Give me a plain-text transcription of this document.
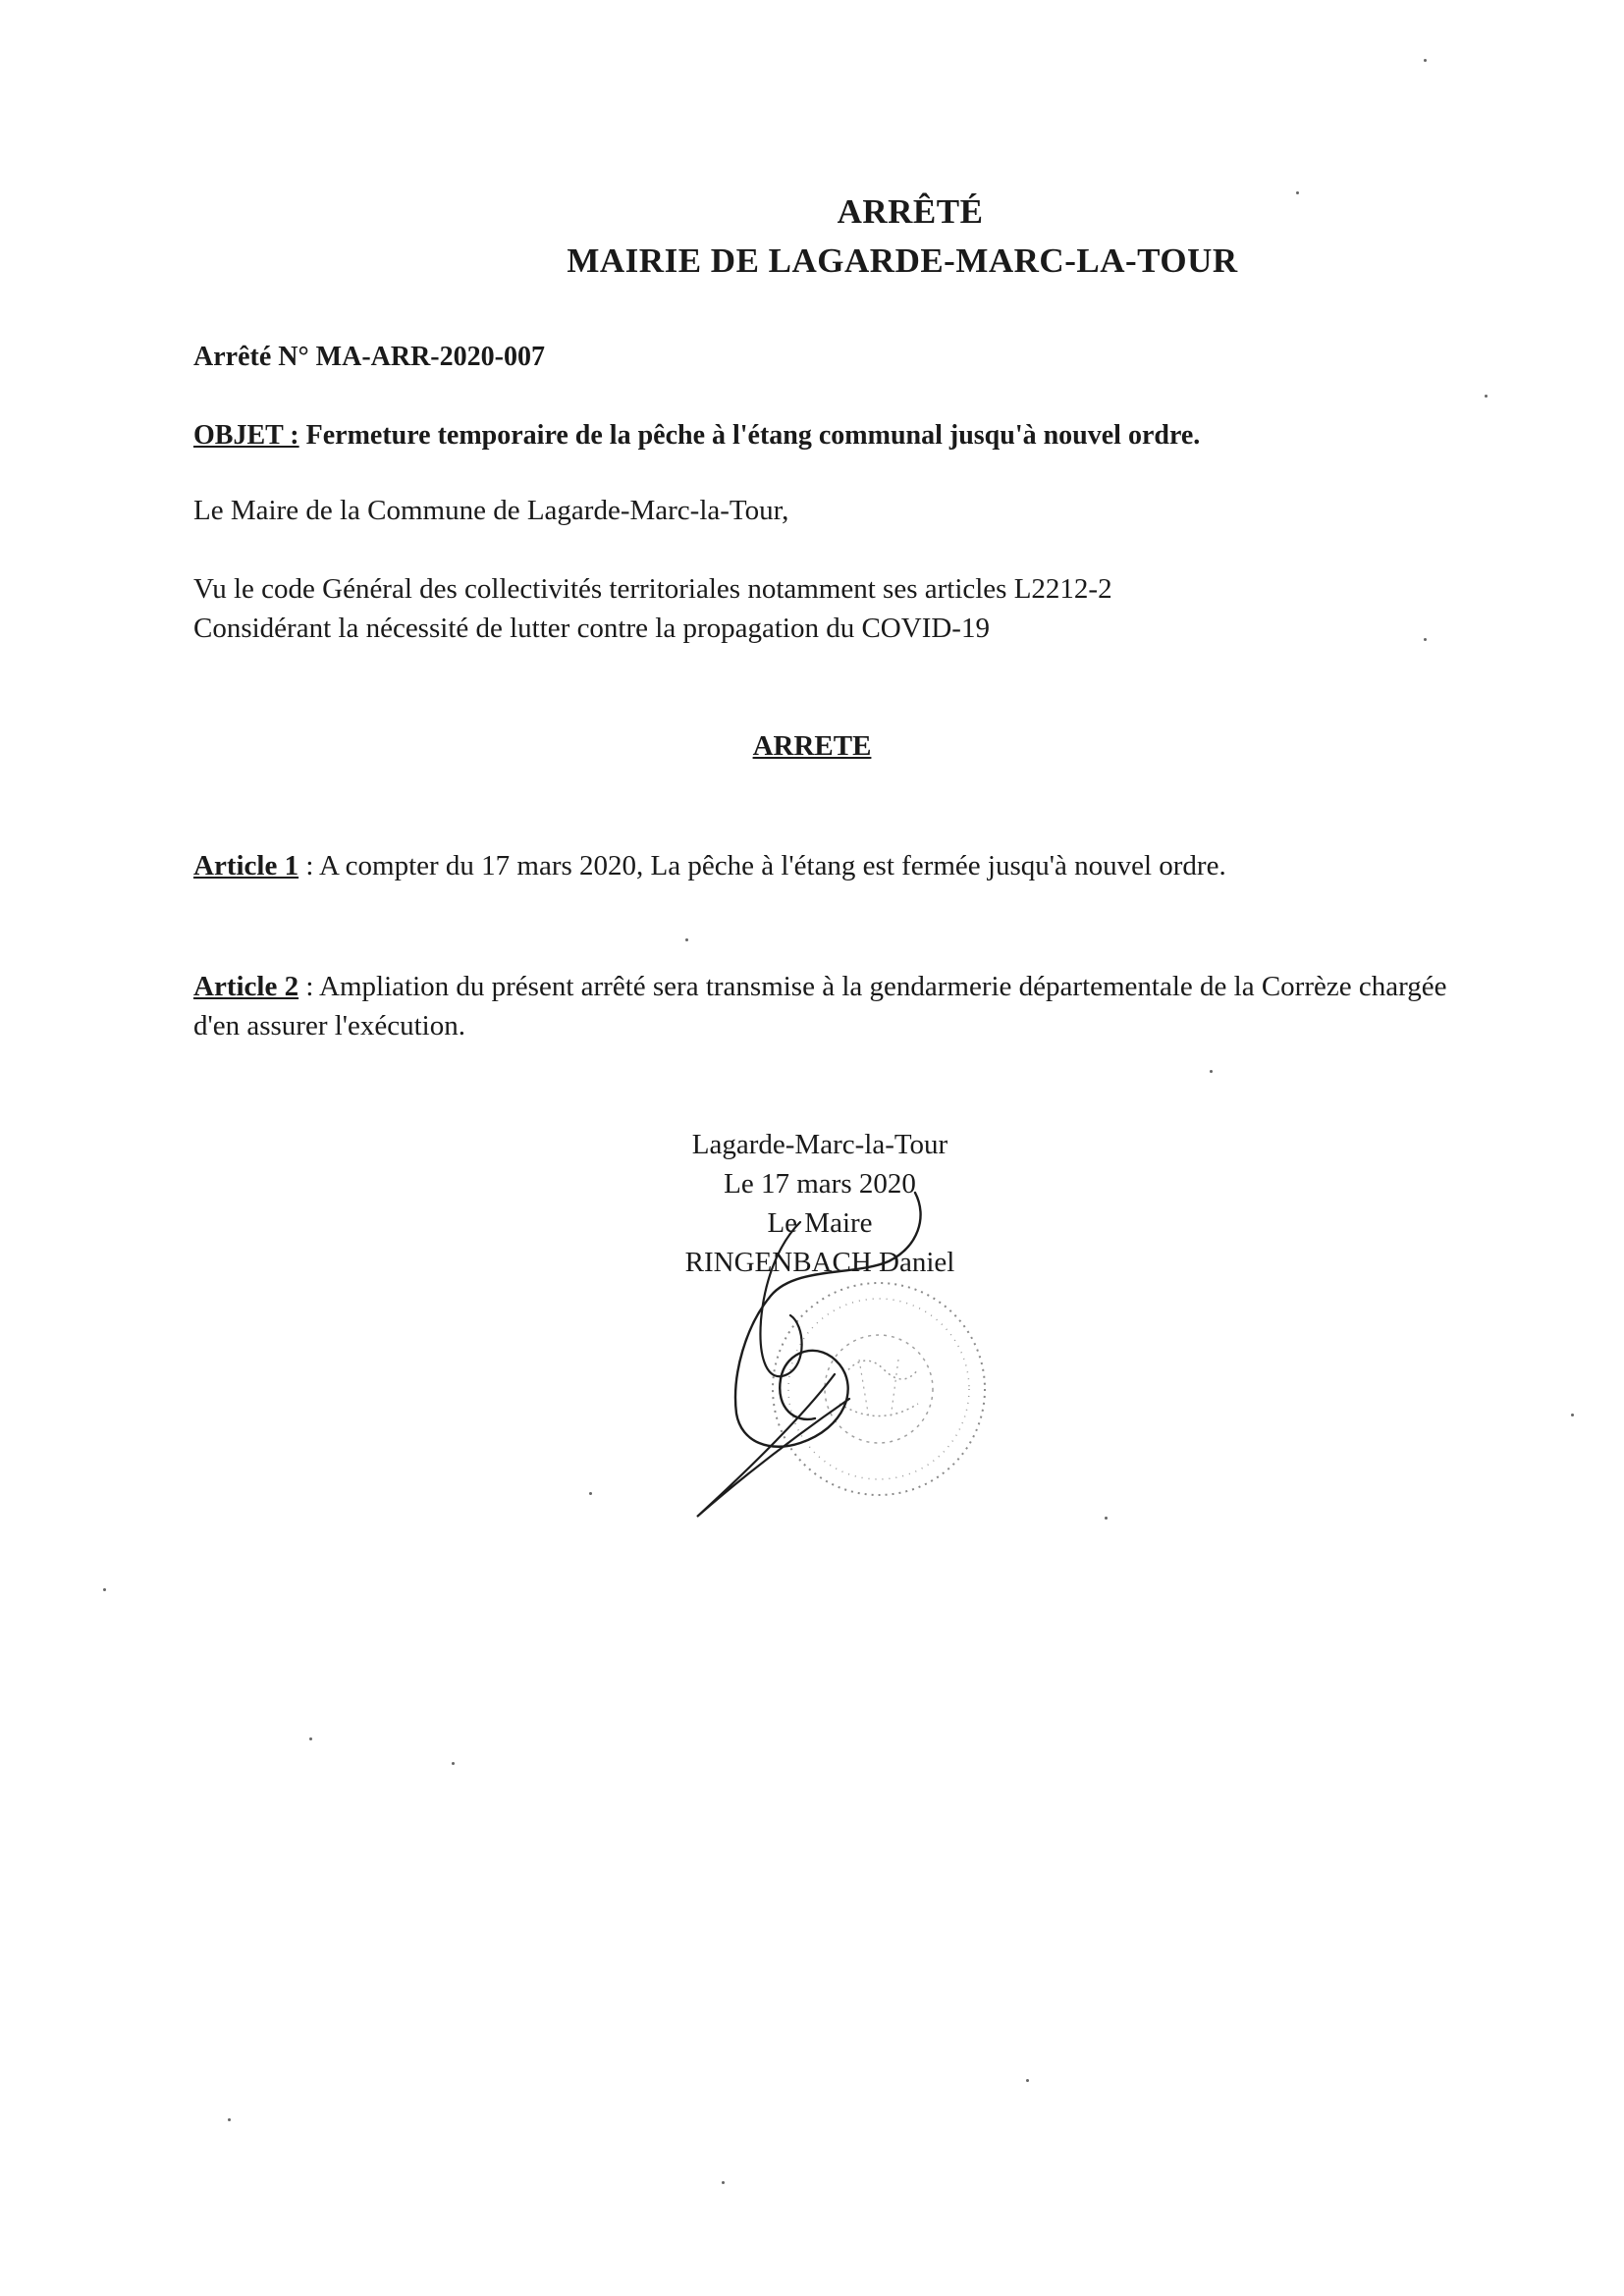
ARRÊTÉ
MAIRIE DE LAGARDE-MARC-LA-TOUR
Arrêté N° MA-ARR-2020-007
OBJET : Fermeture temporaire de la pêche à l'étang communal jusqu'à nouvel ordre.
Le Maire de la Commune de Lagarde-Marc-la-Tour,
Vu le code Général des collectivités territoriales notamment ses articles L2212-2
Considérant la nécessité de lutter contre la propagation du COVID-19
ARRETE
Article 1 : A compter du 17 mars 2020, La pêche à l'étang est fermée jusqu'à nouvel ordre.
Article 2 : Ampliation du présent arrêté sera transmise à la gendarmerie départementale de la Corrèze chargée d'en assurer l'exécution.
Lagarde-Marc-la-Tour
Le 17 mars 2020
Le Maire
RINGENBACH Daniel
